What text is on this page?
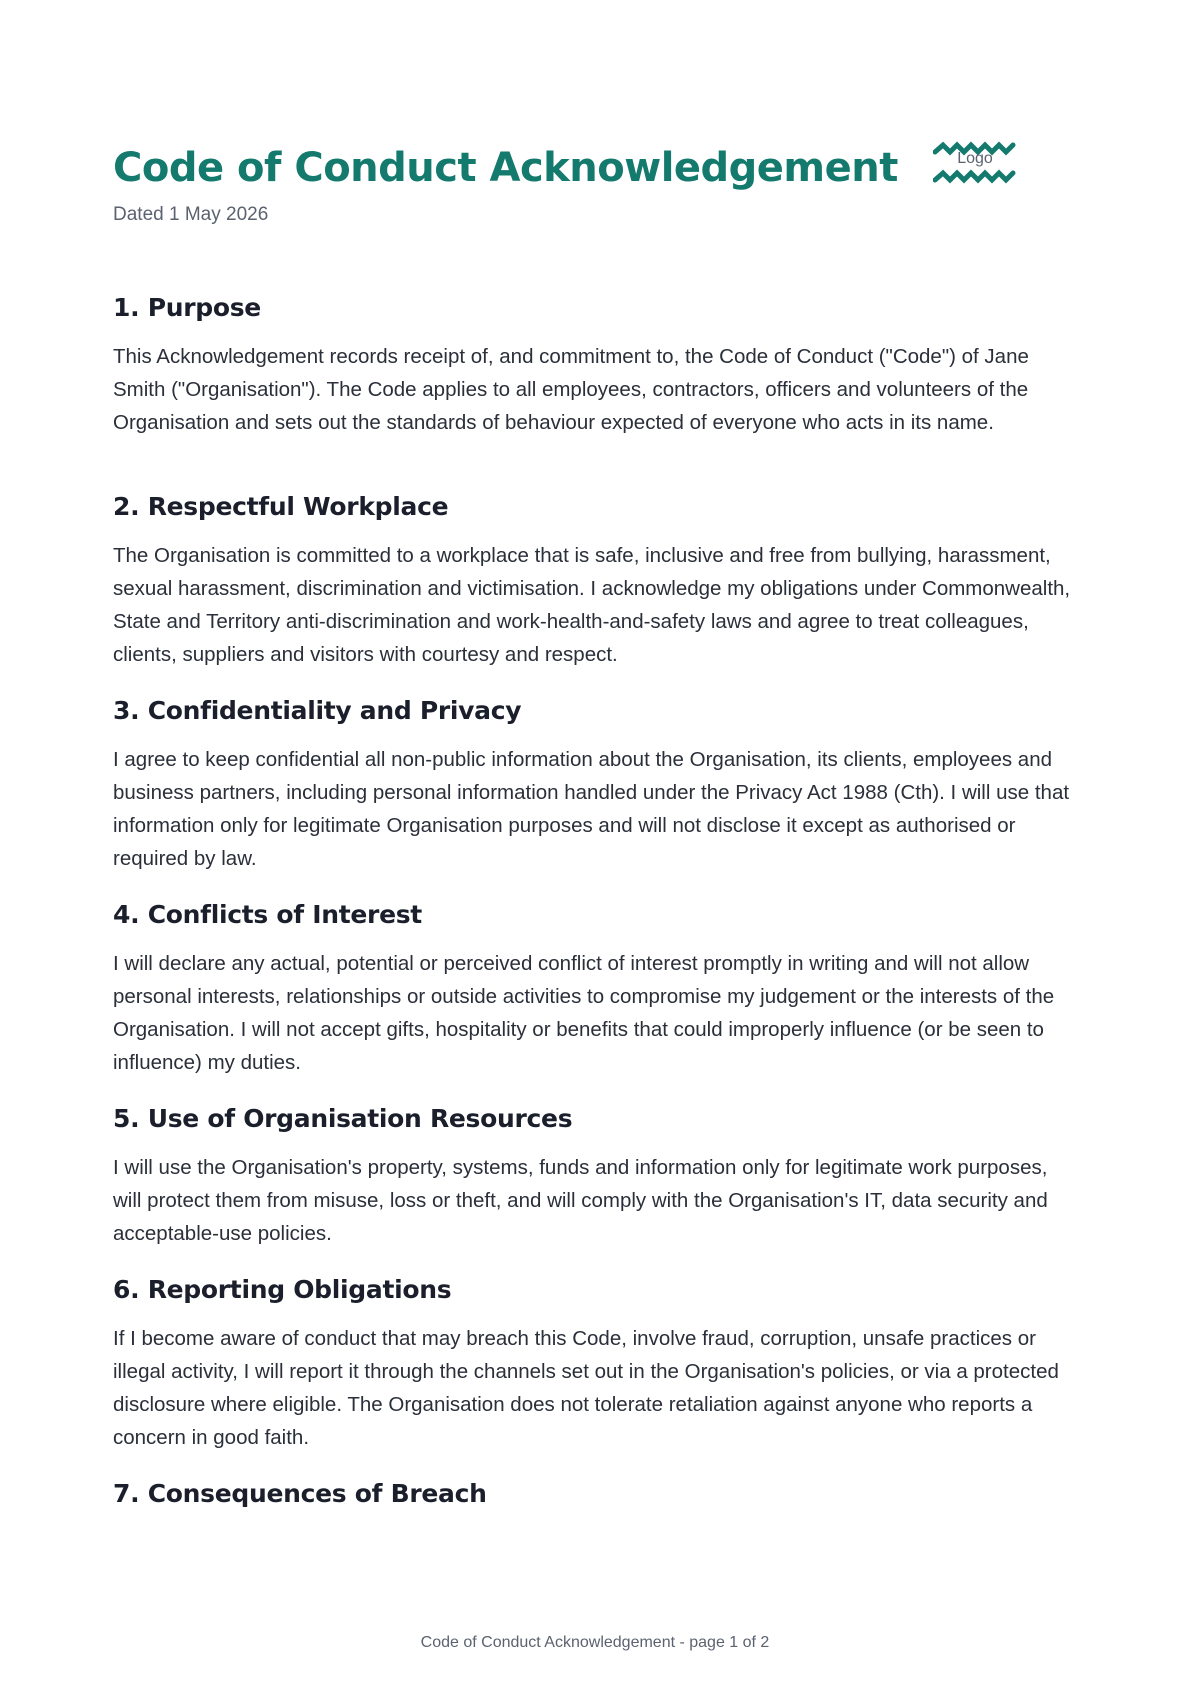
Code of Conduct Acknowledgement
Dated 1 May 2026
Logo
1. Purpose

This Acknowledgement records receipt of, and commitment to, the Code of Conduct ("Code") of Jane Smith ("Organisation"). The Code applies to all employees, contractors, officers and volunteers of the Organisation and sets out the standards of behaviour expected of everyone who acts in its name.

2. Respectful Workplace

The Organisation is committed to a workplace that is safe, inclusive and free from bullying, harassment, sexual harassment, discrimination and victimisation. I acknowledge my obligations under Commonwealth, State and Territory anti-discrimination and work-health-and-safety laws and agree to treat colleagues, clients, suppliers and visitors with courtesy and respect.

3. Confidentiality and Privacy

I agree to keep confidential all non-public information about the Organisation, its clients, employees and business partners, including personal information handled under the Privacy Act 1988 (Cth). I will use that information only for legitimate Organisation purposes and will not disclose it except as authorised or required by law.

4. Conflicts of Interest

I will declare any actual, potential or perceived conflict of interest promptly in writing and will not allow personal interests, relationships or outside activities to compromise my judgement or the interests of the Organisation. I will not accept gifts, hospitality or benefits that could improperly influence (or be seen to influence) my duties.

5. Use of Organisation Resources

I will use the Organisation's property, systems, funds and information only for legitimate work purposes, will protect them from misuse, loss or theft, and will comply with the Organisation's IT, data security and acceptable-use policies.

6. Reporting Obligations

If I become aware of conduct that may breach this Code, involve fraud, corruption, unsafe practices or illegal activity, I will report it through the channels set out in the Organisation's policies, or via a protected disclosure where eligible. The Organisation does not tolerate retaliation against anyone who reports a concern in good faith.

7. Consequences of Breach
Code of Conduct Acknowledgement - page 1 of 2
